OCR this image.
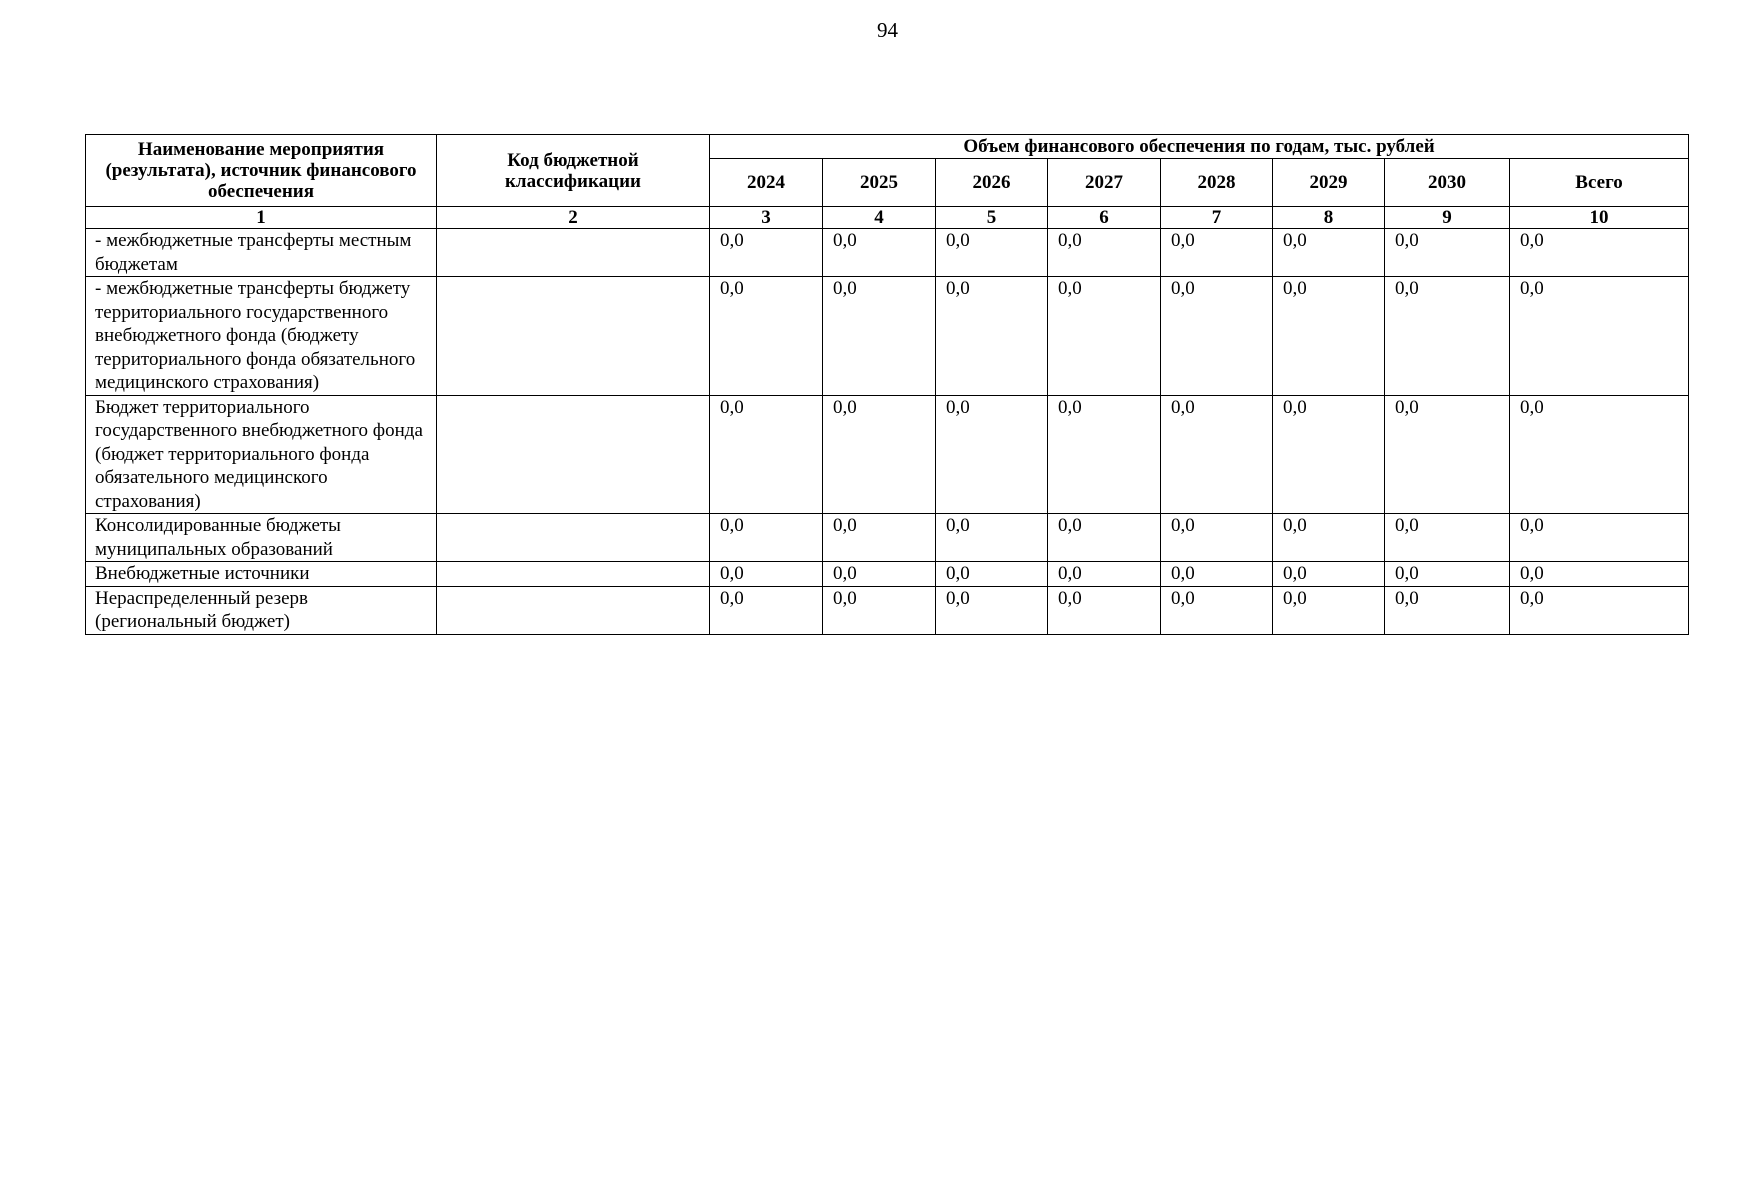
94
Наименование мероприятия (результата), источник финансового обеспечения	Код бюджетной классификации	Объем финансового обеспечения по годам, тыс. рублей							
		2024	2025	2026	2027	2028	2029	2030	Всего
1	2	3	4	5	6	7	8	9	10
- межбюджетные трансферты местным бюджетам		0,0	0,0	0,0	0,0	0,0	0,0	0,0	0,0
- межбюджетные трансферты бюджету территориального государственного внебюджетного фонда (бюджету территориального фонда обязательного медицинского страхования)		0,0	0,0	0,0	0,0	0,0	0,0	0,0	0,0
Бюджет территориального государственного внебюджетного фонда (бюджет территориального фонда обязательного медицинского страхования)		0,0	0,0	0,0	0,0	0,0	0,0	0,0	0,0
Консолидированные бюджеты муниципальных образований		0,0	0,0	0,0	0,0	0,0	0,0	0,0	0,0
Внебюджетные источники		0,0	0,0	0,0	0,0	0,0	0,0	0,0	0,0
Нераспределенный резерв (региональный бюджет)		0,0	0,0	0,0	0,0	0,0	0,0	0,0	0,0
